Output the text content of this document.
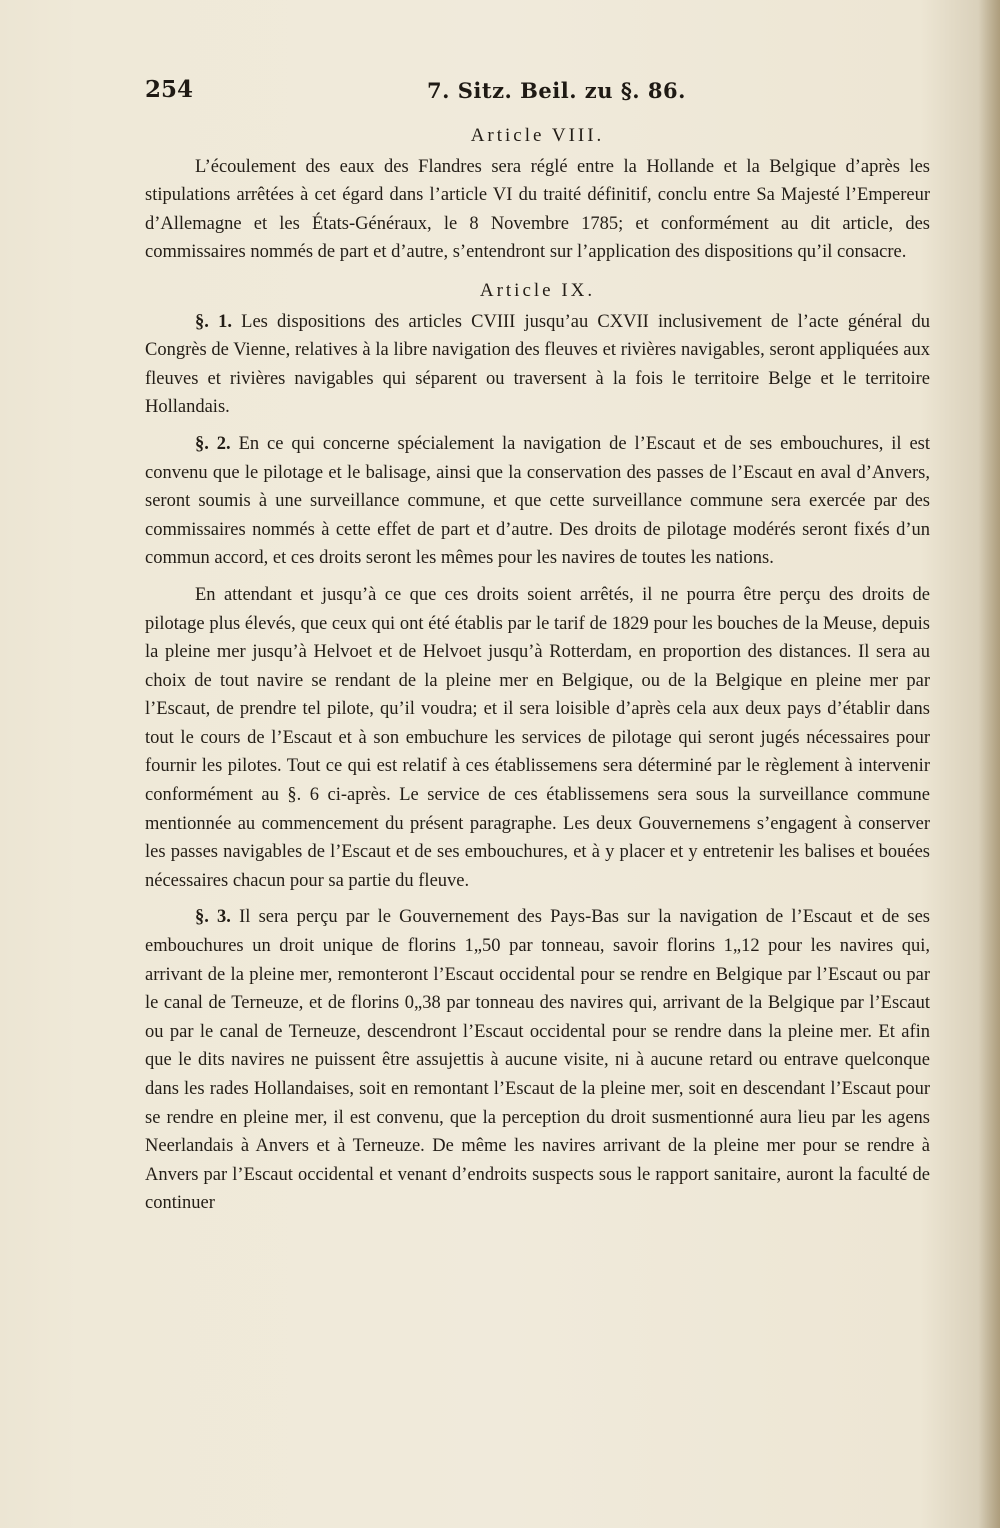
254	7. Sitz. Beil. zu §. 86.
Article VIII.

L’écoulement des eaux des Flandres sera réglé entre la Hollande et la Belgique d’après les stipulations arrêtées à cet égard dans l’article VI du traité définitif, conclu entre Sa Majesté l’Empereur d’Allemagne et les États-Généraux, le 8 Novembre 1785; et conformément au dit article, des commissaires nommés de part et d’autre, s’entendront sur l’application des dispositions qu’il consacre.

Article IX.

§. 1. Les dispositions des articles CVIII jusqu’au CXVII inclusivement de l’acte général du Congrès de Vienne, relatives à la libre navigation des fleuves et rivières navigables, seront appliquées aux fleuves et rivières navigables qui séparent ou traversent à la fois le territoire Belge et le territoire Hollandais.

§. 2. En ce qui concerne spécialement la navigation de l’Escaut et de ses embouchures, il est convenu que le pilotage et le balisage, ainsi que la conservation des passes de l’Escaut en aval d’Anvers, seront soumis à une surveillance commune, et que cette surveillance commune sera exercée par des commissaires nommés à cette effet de part et d’autre. Des droits de pilotage modérés seront fixés d’un commun accord, et ces droits seront les mêmes pour les navires de toutes les nations.

En attendant et jusqu’à ce que ces droits soient arrêtés, il ne pourra être perçu des droits de pilotage plus élevés, que ceux qui ont été établis par le tarif de 1829 pour les bouches de la Meuse, depuis la pleine mer jusqu’à Helvoet et de Helvoet jusqu’à Rotterdam, en proportion des distances. Il sera au choix de tout navire se rendant de la pleine mer en Belgique, ou de la Belgique en pleine mer par l’Escaut, de prendre tel pilote, qu’il voudra; et il sera loisible d’après cela aux deux pays d’établir dans tout le cours de l’Escaut et à son embuchure les services de pilotage qui seront jugés nécessaires pour fournir les pilotes. Tout ce qui est relatif à ces établissemens sera déterminé par le règlement à intervenir conformément au §. 6 ci-après. Le service de ces établissemens sera sous la surveillance commune mentionnée au commencement du présent paragraphe. Les deux Gouvernemens s’engagent à conserver les passes navigables de l’Escaut et de ses embouchures, et à y placer et y entretenir les balises et bouées nécessaires chacun pour sa partie du fleuve.

§. 3. Il sera perçu par le Gouvernement des Pays-Bas sur la navigation de l’Escaut et de ses embouchures un droit unique de florins 1„50 par tonneau, savoir florins 1„12 pour les navires qui, arrivant de la pleine mer, remonteront l’Escaut occidental pour se rendre en Belgique par l’Escaut ou par le canal de Terneuze, et de florins 0„38 par tonneau des navires qui, arrivant de la Belgique par l’Escaut ou par le canal de Terneuze, descendront l’Escaut occidental pour se rendre dans la pleine mer. Et afin que le dits navires ne puissent être assujettis à aucune visite, ni à aucune retard ou entrave quelconque dans les rades Hollandaises, soit en remontant l’Escaut de la pleine mer, soit en descendant l’Escaut pour se rendre en pleine mer, il est convenu, que la perception du droit susmentionné aura lieu par les agens Neerlandais à Anvers et à Terneuze. De même les navires arrivant de la pleine mer pour se rendre à Anvers par l’Escaut occidental et venant d’endroits suspects sous le rapport sanitaire, auront la faculté de continuer
